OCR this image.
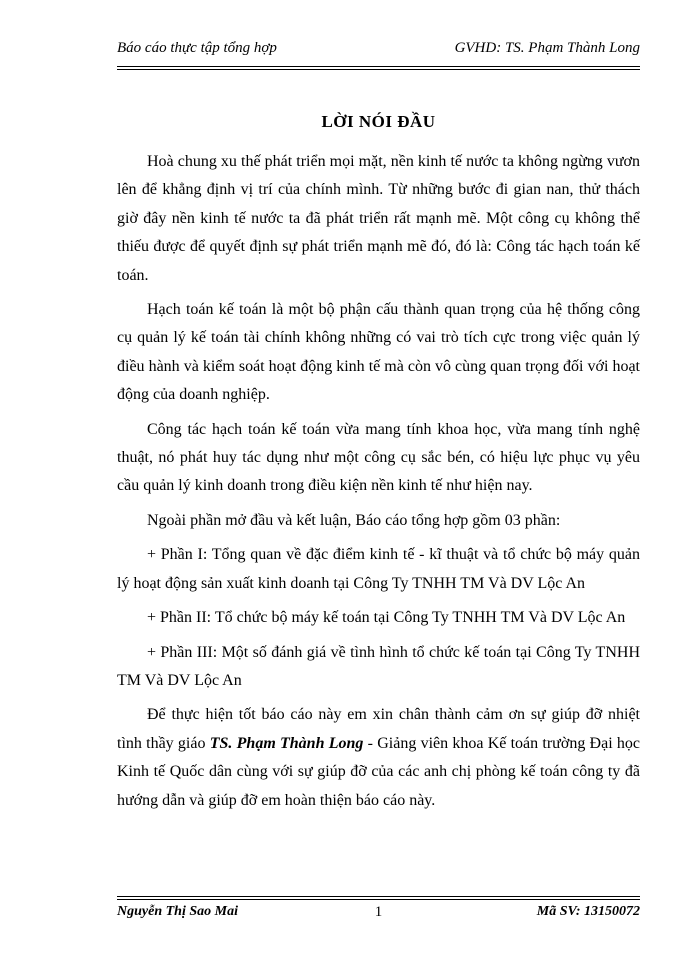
Báo cáo thực tập tổng hợp	GVHD: TS. Phạm Thành Long
LỜI NÓI ĐẦU

Hoà chung xu thế phát triển mọi mặt, nền kinh tế nước ta không ngừng vươn lên để khẳng định vị trí của chính mình. Từ những bước đi gian nan, thử thách giờ đây nền kinh tế nước ta đã phát triển rất mạnh mẽ. Một công cụ không thể thiếu được để quyết định sự phát triển mạnh mẽ đó, đó là: Công tác hạch toán kế toán.

Hạch toán kế toán là một bộ phận cấu thành quan trọng của hệ thống công cụ quản lý kế toán tài chính không những có vai trò tích cực trong việc quản lý điều hành và kiểm soát hoạt động kinh tế mà còn vô cùng quan trọng đối với hoạt động của doanh nghiệp.

Công tác hạch toán kế toán vừa mang tính khoa học, vừa mang tính nghệ thuật, nó phát huy tác dụng như một công cụ sắc bén, có hiệu lực phục vụ yêu cầu quản lý kinh doanh trong điều kiện nền kinh tế như hiện nay.

Ngoài phần mở đầu và kết luận, Báo cáo tổng hợp gồm 03 phần:

+ Phần I: Tổng quan về đặc điểm kinh tế - kĩ thuật và tổ chức bộ máy quản lý hoạt động sản xuất kinh doanh tại Công Ty TNHH TM Và DV Lộc An

+ Phần II: Tổ chức bộ máy kế toán tại Công Ty TNHH TM Và DV Lộc An

+ Phần III: Một số đánh giá về tình hình tổ chức kế toán tại Công Ty TNHH TM Và DV Lộc An

Để thực hiện tốt báo cáo này em xin chân thành cảm ơn sự giúp đỡ nhiệt tình thầy giáo TS. Phạm Thành Long - Giảng viên khoa Kế toán trường Đại học Kinh tế Quốc dân cùng với sự giúp đỡ của các anh chị phòng kế toán công ty đã hướng dẫn và giúp đỡ em hoàn thiện báo cáo này.

Nguyễn Thị Sao Mai	1	Mã SV: 13150072
